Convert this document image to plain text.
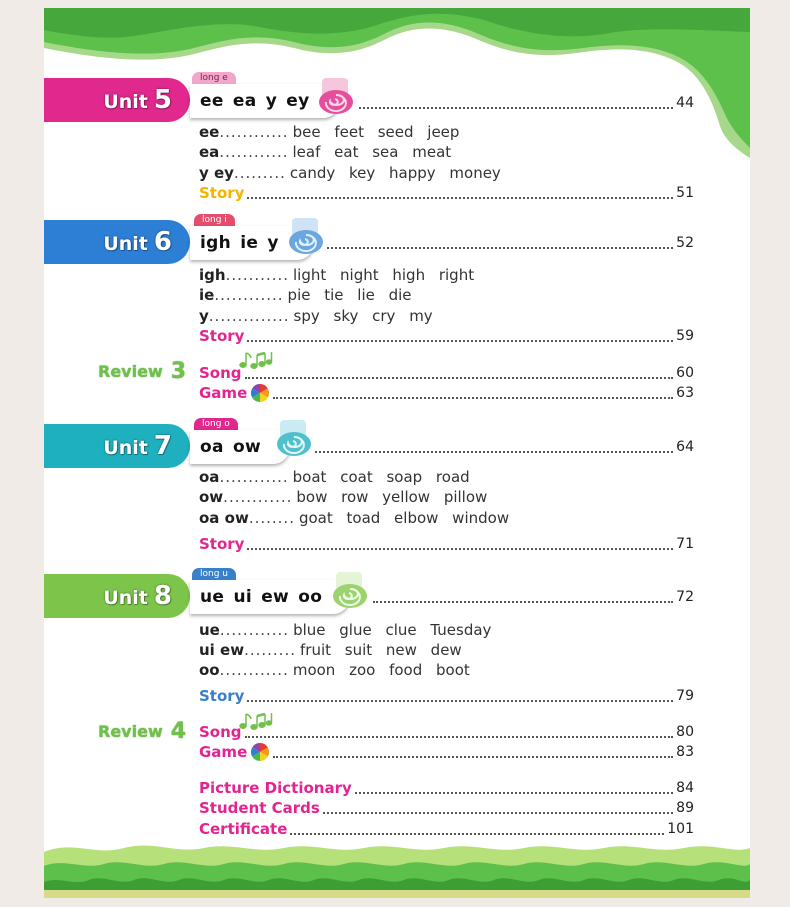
Unit 5
long e
ee ea y ey	44
ee ............ bee feet seed jeep
ea ............ leaf eat sea meat
y ey ......... candy key happy money
Story	51
Unit 6
long i
igh ie y	52
igh ........... light night high right
ie ............ pie tie lie die
y .............. spy sky cry my
Story	59
Review 3 Song	60
Game	63
Unit 7
long o
oa ow	64
oa ............ boat coat soap road
ow ............ bow row yellow pillow
oa ow ........ goat toad elbow window
Story	71
Unit 8
long u
ue ui ew oo	72
ue ............ blue glue clue Tuesday
ui ew ......... fruit suit new dew
oo ............ moon zoo food boot
Story	79
Review 4 Song	80
Game	83
Picture Dictionary	84
Student Cards	89
Certificate	101
